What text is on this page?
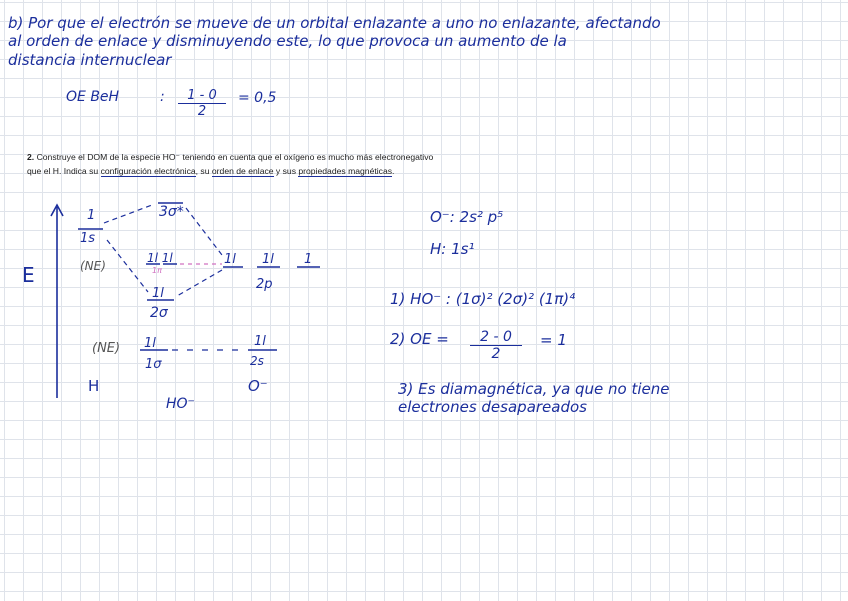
b) Por que el electrón se mueve de un orbital enlazante a uno no enlazante, afectando
al orden de enlace y disminuyendo este, lo que provoca un aumento de la
distancia internuclear
OE BeH	: $\frac{1 - 0}{2} = 0,5$
2. Construye el DOM de la especie HO⁻ teniendo en cuenta que el oxígeno es mucho más electronegativo
que el H. Indica su configuración electrónica, su orden de enlace y sus propiedades magnéticas.
E
1
1s
(NE)
3σ*
1l 1l
1π
1l 1l 1
2p
1l
2σ
(NE) 1l
1σ
1l
2s
H
HO⁻
O⁻
O⁻: 2s² p⁵
H: 1s¹
1) HO⁻ : (1σ)² (2σ)² (1π)⁴
2) OE = $\frac{2 - 0}{2} = 1$
3) Es diamagnética, ya que no tiene
electrones desapareados
